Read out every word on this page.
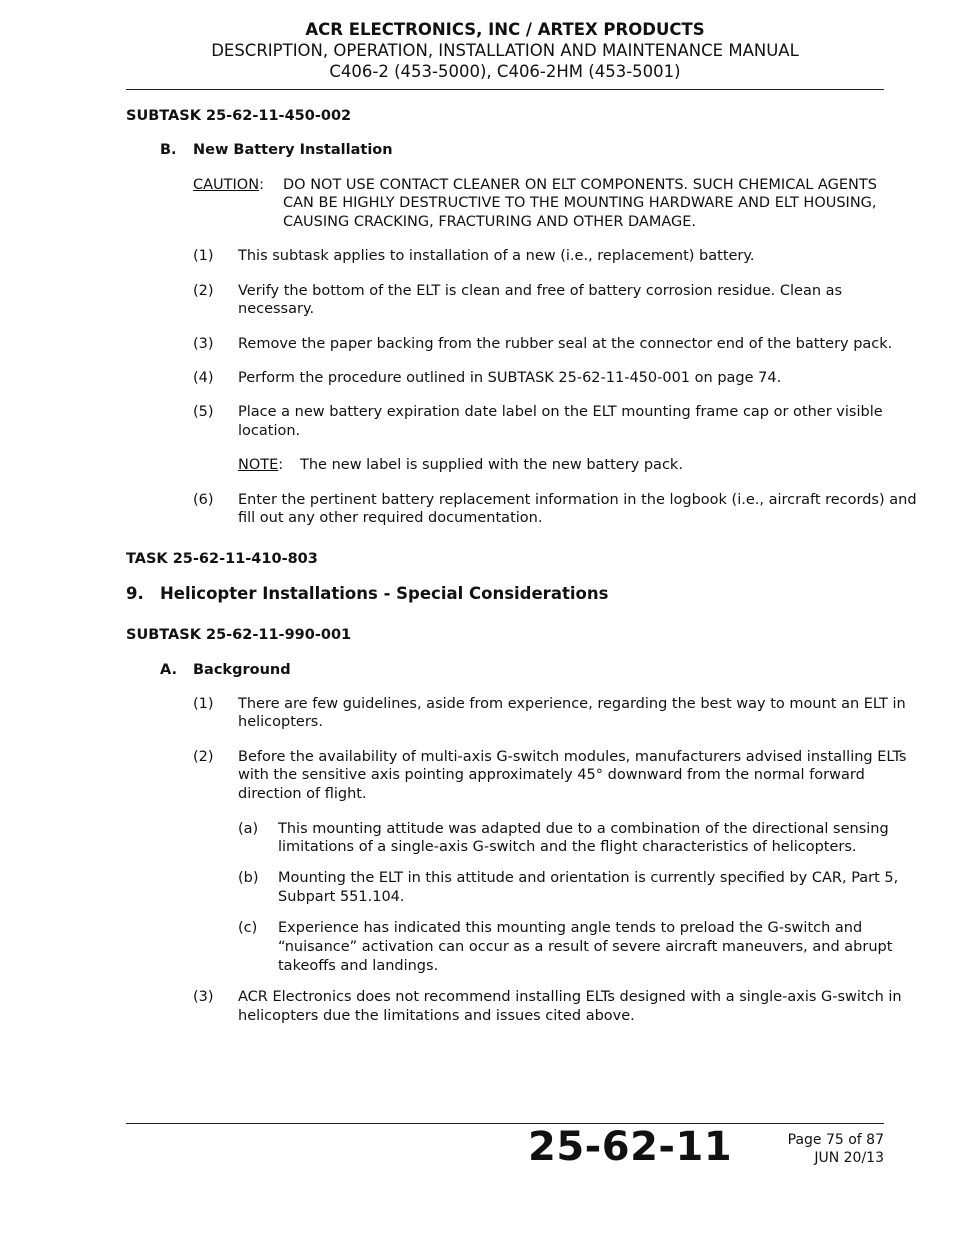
ACR ELECTRONICS, INC / ARTEX PRODUCTS
DESCRIPTION, OPERATION, INSTALLATION AND MAINTENANCE MANUAL
C406-2 (453-5000), C406-2HM (453-5001)
SUBTASK 25-62-11-450-002
B. New Battery Installation
CAUTION: DO NOT USE CONTACT CLEANER ON ELT COMPONENTS. SUCH CHEMICAL AGENTS
CAN BE HIGHLY DESTRUCTIVE TO THE MOUNTING HARDWARE AND ELT HOUSING,
CAUSING CRACKING, FRACTURING AND OTHER DAMAGE.
(1) This subtask applies to installation of a new (i.e., replacement) battery.
(2) Verify the bottom of the ELT is clean and free of battery corrosion residue. Clean as
necessary.
(3) Remove the paper backing from the rubber seal at the connector end of the battery pack.
(4) Perform the procedure outlined in SUBTASK 25-62-11-450-001 on page 74.
(5) Place a new battery expiration date label on the ELT mounting frame cap or other visible
location.
NOTE: The new label is supplied with the new battery pack.
(6) Enter the pertinent battery replacement information in the logbook (i.e., aircraft records) and
fill out any other required documentation.
TASK 25-62-11-410-803
9. Helicopter Installations - Special Considerations
SUBTASK 25-62-11-990-001
A. Background
(1) There are few guidelines, aside from experience, regarding the best way to mount an ELT in
helicopters.
(2) Before the availability of multi-axis G-switch modules, manufacturers advised installing ELTs
with the sensitive axis pointing approximately 45° downward from the normal forward
direction of flight.
(a) This mounting attitude was adapted due to a combination of the directional sensing
limitations of a single-axis G-switch and the flight characteristics of helicopters.
(b) Mounting the ELT in this attitude and orientation is currently specified by CAR, Part 5,
Subpart 551.104.
(c) Experience has indicated this mounting angle tends to preload the G-switch and
“nuisance” activation can occur as a result of severe aircraft maneuvers, and abrupt
takeoffs and landings.
(3) ACR Electronics does not recommend installing ELTs designed with a single-axis G-switch in
helicopters due the limitations and issues cited above.
25-62-11	Page 75 of 87
JUN 20/13
